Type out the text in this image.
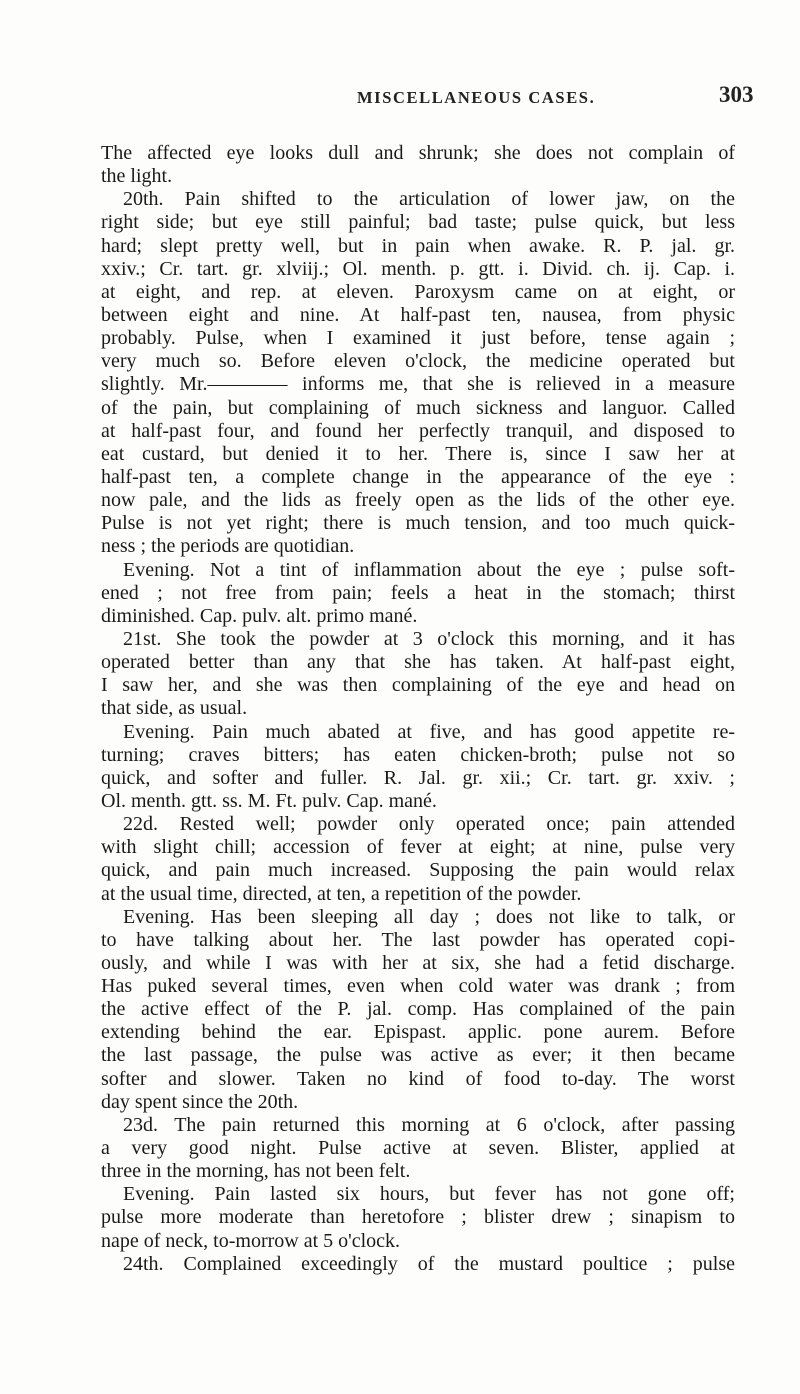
MISCELLANEOUS CASES.	303
The affected eye looks dull and shrunk; she does not complain of
the light.
20th. Pain shifted to the articulation of lower jaw, on the
right side; but eye still painful; bad taste; pulse quick, but less
hard; slept pretty well, but in pain when awake. R. P. jal. gr.
xxiv.; Cr. tart. gr. xlviij.; Ol. menth. p. gtt. i. Divid. ch. ij. Cap. i.
at eight, and rep. at eleven. Paroxysm came on at eight, or
between eight and nine. At half-past ten, nausea, from physic
probably. Pulse, when I examined it just before, tense again ;
very much so. Before eleven o'clock, the medicine operated but
slightly. Mr.―――― informs me, that she is relieved in a measure
of the pain, but complaining of much sickness and languor. Called
at half-past four, and found her perfectly tranquil, and disposed to
eat custard, but denied it to her. There is, since I saw her at
half-past ten, a complete change in the appearance of the eye :
now pale, and the lids as freely open as the lids of the other eye.
Pulse is not yet right; there is much tension, and too much quick-
ness ; the periods are quotidian.
Evening. Not a tint of inflammation about the eye ; pulse soft-
ened ; not free from pain; feels a heat in the stomach; thirst
diminished. Cap. pulv. alt. primo mané.
21st. She took the powder at 3 o'clock this morning, and it has
operated better than any that she has taken. At half-past eight,
I saw her, and she was then complaining of the eye and head on
that side, as usual.
Evening. Pain much abated at five, and has good appetite re-
turning; craves bitters; has eaten chicken-broth; pulse not so
quick, and softer and fuller. R. Jal. gr. xii.; Cr. tart. gr. xxiv. ;
Ol. menth. gtt. ss. M. Ft. pulv. Cap. mané.
22d. Rested well; powder only operated once; pain attended
with slight chill; accession of fever at eight; at nine, pulse very
quick, and pain much increased. Supposing the pain would relax
at the usual time, directed, at ten, a repetition of the powder.
Evening. Has been sleeping all day ; does not like to talk, or
to have talking about her. The last powder has operated copi-
ously, and while I was with her at six, she had a fetid discharge.
Has puked several times, even when cold water was drank ; from
the active effect of the P. jal. comp. Has complained of the pain
extending behind the ear. Epispast. applic. pone aurem. Before
the last passage, the pulse was active as ever; it then became
softer and slower. Taken no kind of food to-day. The worst
day spent since the 20th.
23d. The pain returned this morning at 6 o'clock, after passing
a very good night. Pulse active at seven. Blister, applied at
three in the morning, has not been felt.
Evening. Pain lasted six hours, but fever has not gone off;
pulse more moderate than heretofore ; blister drew ; sinapism to
nape of neck, to-morrow at 5 o'clock.
24th. Complained exceedingly of the mustard poultice ; pulse
